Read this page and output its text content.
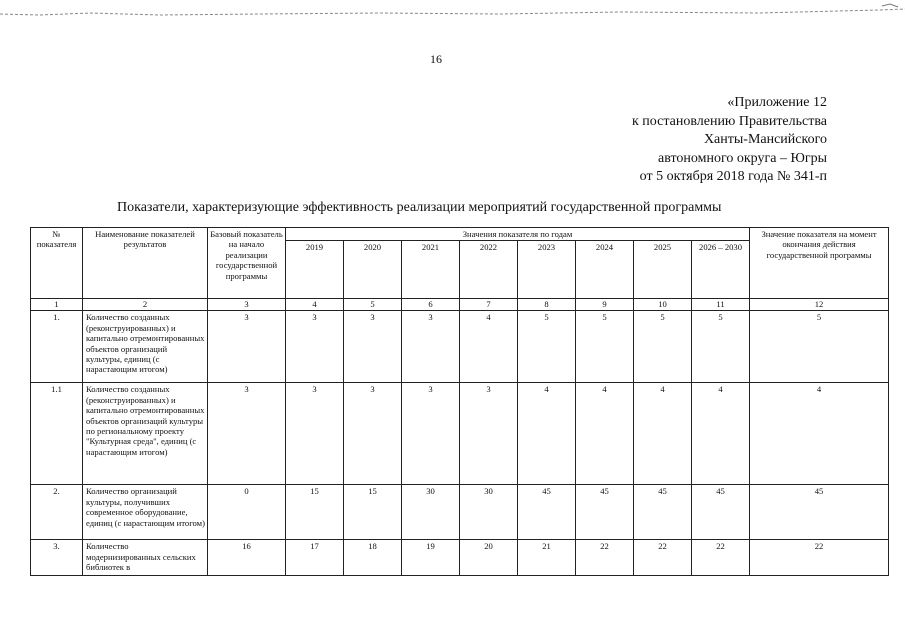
16
«Приложение 12
к постановлению Правительства
Ханты-Мансийского
автономного округа – Югры
от 5 октября 2018 года № 341-п
Показатели, характеризующие эффективность реализации мероприятий государственной программы
№ показателя	Наименование показателей результатов	Базовый показатель на начало реализации государственной программы	Значения показателя по годам								Значение показателя на момент окончания действия государственной программы
			2019	2020	2021	2022	2023	2024	2025	2026 – 2030	
1	2	3	4	5	6	7	8	9	10	11	12
1.	Количество созданных (реконструированных) и капитально отремонтированных объектов организаций культуры, единиц (с нарастающим итогом)	3	3	3	3	4	5	5	5	5	5
1.1	Количество созданных (реконструированных) и капитально отремонтированных объектов организаций культуры по региональному проекту "Культурная среда", единиц (с нарастающим итогом)	3	3	3	3	3	4	4	4	4	4
2.	Количество организаций культуры, получивших современное оборудование, единиц (с нарастающим итогом)	0	15	15	30	30	45	45	45	45	45
3.	Количество модернизированных сельских библиотек в	16	17	18	19	20	21	22	22	22	22
